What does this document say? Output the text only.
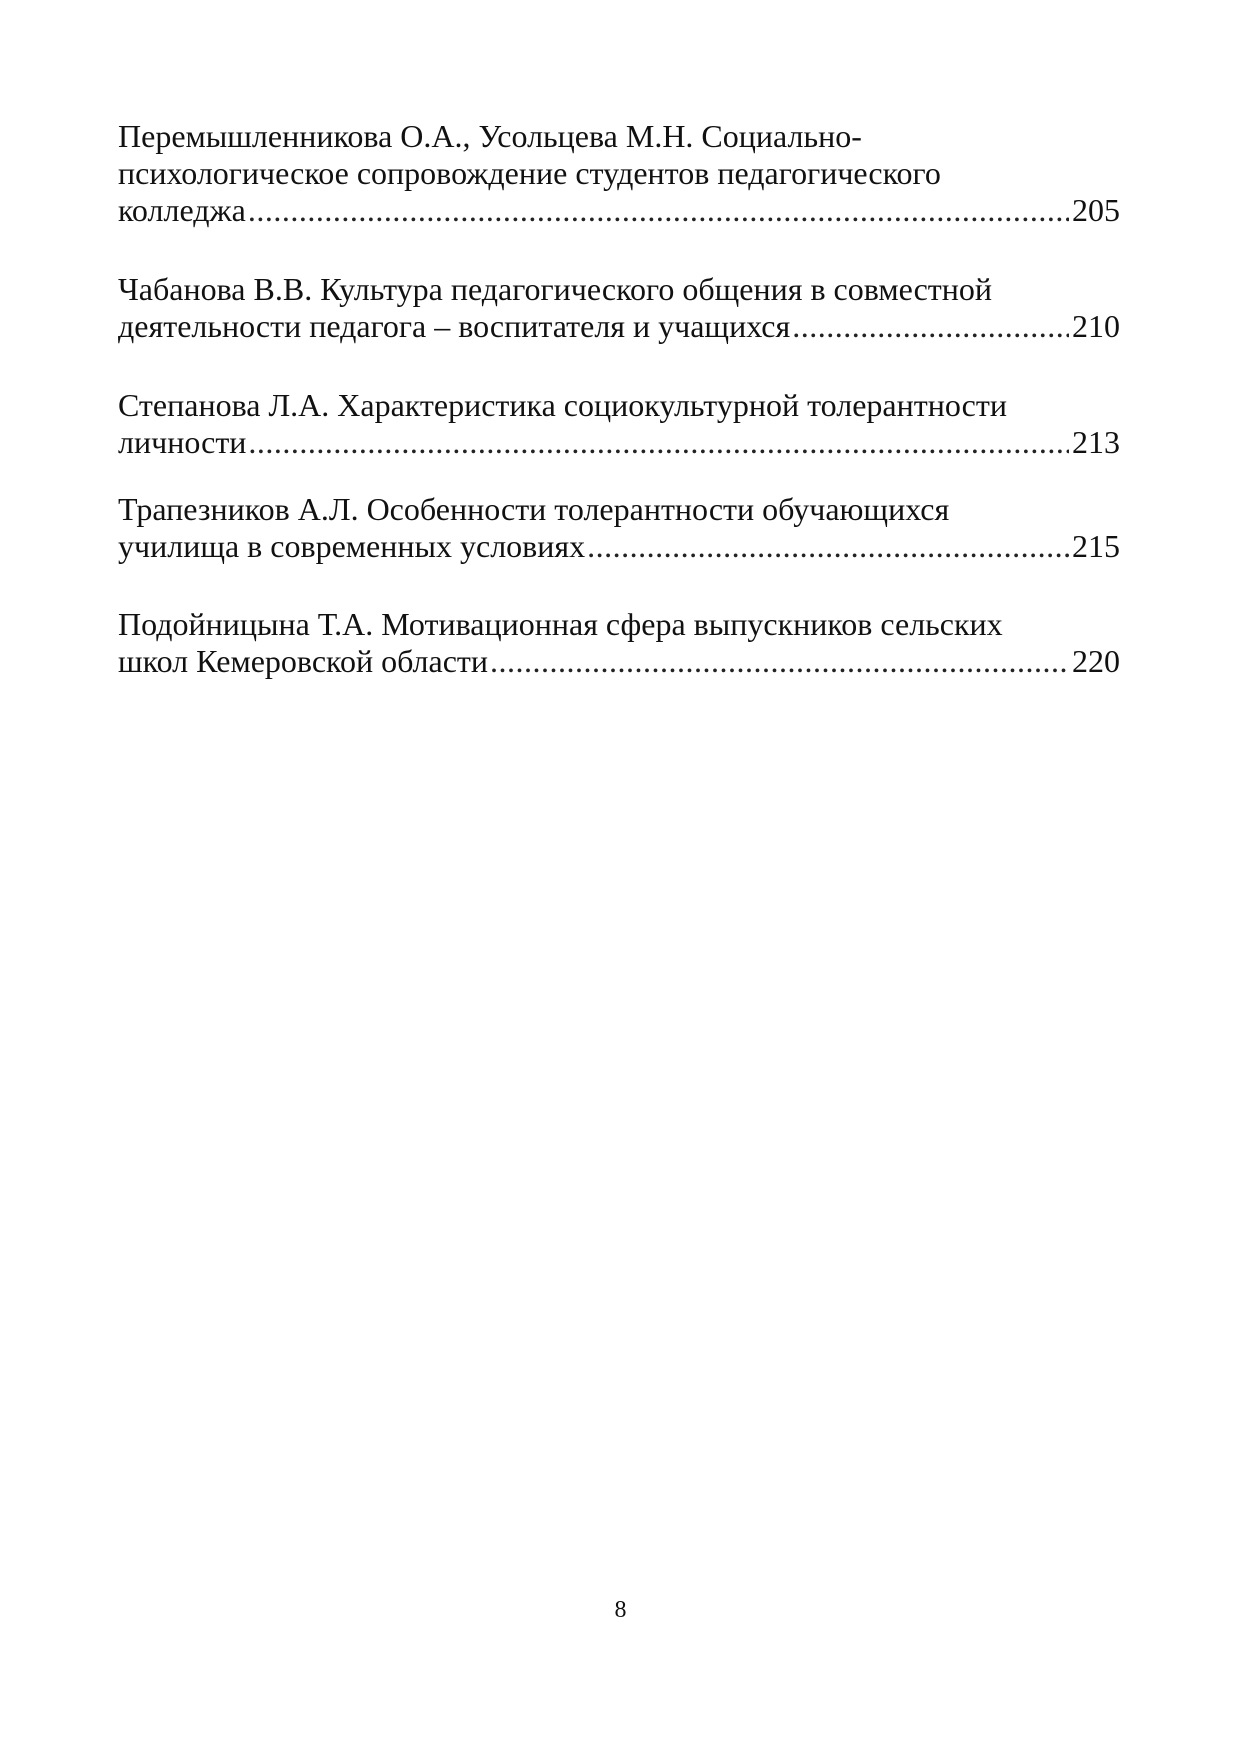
Перемышленникова О.А., Усольцева М.Н. Социально-
психологическое сопровождение студентов педагогического
колледжа .....	205
Чабанова В.В. Культура педагогического общения в совместной
деятельности педагога – воспитателя и учащихся .....	210
Степанова Л.А. Характеристика социокультурной толерантности
личности .....	213
Трапезников А.Л. Особенности толерантности обучающихся
училища в современных условиях .....	215
Подойницына Т.А. Мотивационная сфера выпускников сельских
школ Кемеровской области .....	220
8
